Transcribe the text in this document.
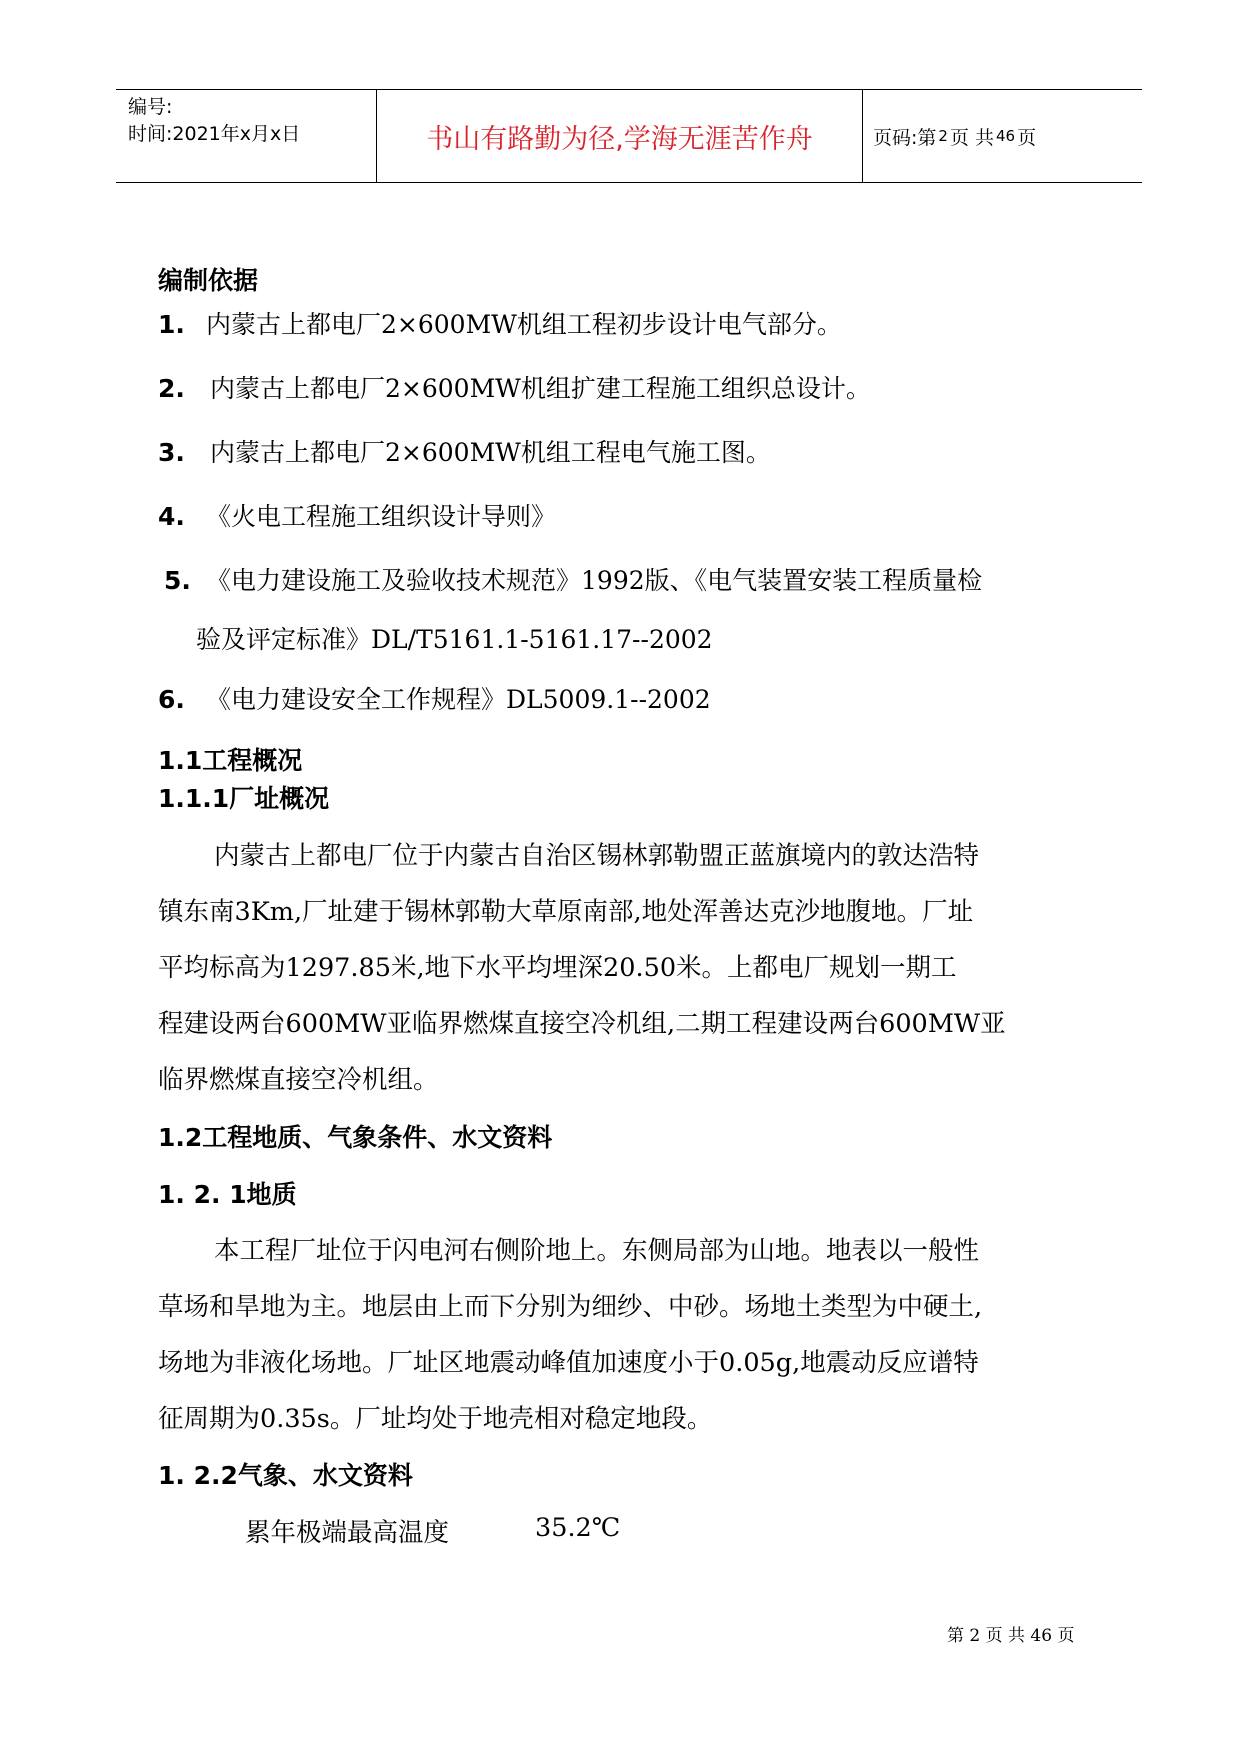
编号:
时间:2021年x月x日	书山有路勤为径,学海无涯苦作舟	页码:第 2 页 共 46 页
编制依据
1. 内蒙古上都电厂2×600MW机组工程初步设计电气部分。
2. 内蒙古上都电厂2×600MW机组扩建工程施工组织总设计。
3. 内蒙古上都电厂2×600MW机组工程电气施工图。
4. 《火电工程施工组织设计导则》
5. 《电力建设施工及验收技术规范》1992版、《电气装置安装工程质量检
验及评定标准》DL/T5161.1-5161.17--2002
6. 《电力建设安全工作规程》DL5009.1--2002
1.1工程概况
1.1.1厂址概况
内蒙古上都电厂位于内蒙古自治区锡林郭勒盟正蓝旗境内的敦达浩特
镇东南3Km,厂址建于锡林郭勒大草原南部,地处浑善达克沙地腹地。厂址
平均标高为1297.85米,地下水平均埋深20.50米。上都电厂规划一期工
程建设两台600MW亚临界燃煤直接空冷机组,二期工程建设两台600MW亚
临界燃煤直接空冷机组。
1.2工程地质、气象条件、水文资料
1. 2. 1地质
本工程厂址位于闪电河右侧阶地上。东侧局部为山地。地表以一般性
草场和旱地为主。地层由上而下分别为细纱、中砂。场地土类型为中硬土,
场地为非液化场地。厂址区地震动峰值加速度小于0.05g,地震动反应谱特
征周期为0.35s。厂址均处于地壳相对稳定地段。
1. 2.2气象、水文资料
累年极端最高温度	35.2℃
第 2 页 共 46 页
